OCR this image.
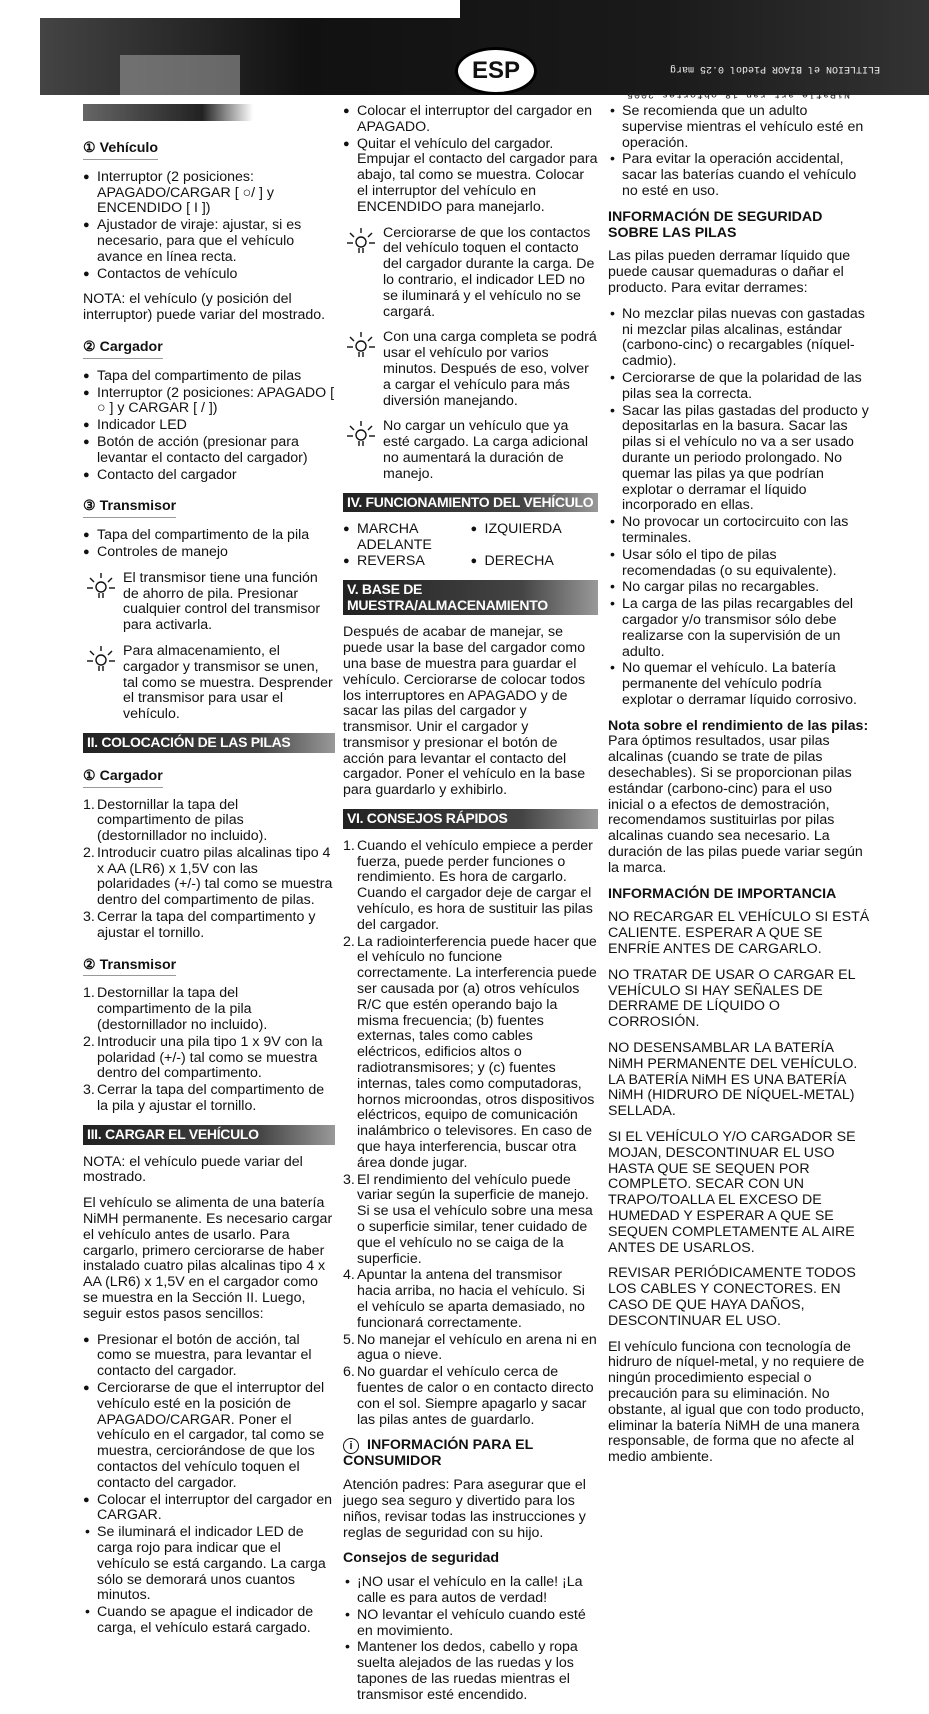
ELITLEION el BIAOR Piedol 0.25 marg
NiRafle art ran 18 obfortes 2005
ESP
① Vehículo
● Interruptor (2 posiciones: APAGADO/CARGAR [ ○/ ] y ENCENDIDO [ I ])
● Ajustador de viraje: ajustar, si es necesario, para que el vehículo avance en línea recta.
● Contactos de vehículo

NOTA: el vehículo (y posición del interruptor) puede variar del mostrado.

② Cargador
● Tapa del compartimento de pilas
● Interruptor (2 posiciones: APAGADO [ ○ ] y CARGAR [ / ])
● Indicador LED
● Botón de acción (presionar para levantar el contacto del cargador)
● Contacto del cargador
③ Transmisor
● Tapa del compartimento de la pila
● Controles de manejo
El transmisor tiene una función de ahorro de pila. Presionar cualquier control del transmisor para activarla.
Para almacenamiento, el cargador y transmisor se unen, tal como se muestra. Desprender el transmisor para usar el vehículo.
II. COLOCACIÓN DE LAS PILAS
① Cargador
1. Destornillar la tapa del compartimento de pilas (destornillador no incluido).
2. Introducir cuatro pilas alcalinas tipo 4 x AA (LR6) x 1,5V con las polaridades (+/-) tal como se muestra dentro del compartimento de pilas.
3. Cerrar la tapa del compartimento y ajustar el tornillo.
② Transmisor
1. Destornillar la tapa del compartimento de la pila (destornillador no incluido).
2. Introducir una pila tipo 1 x 9V con la polaridad (+/-) tal como se muestra dentro del compartimento.
3. Cerrar la tapa del compartimento de la pila y ajustar el tornillo.
III. CARGAR EL VEHÍCULO

NOTA: el vehículo puede variar del mostrado.

El vehículo se alimenta de una batería NiMH permanente. Es necesario cargar el vehículo antes de usarlo. Para cargarlo, primero cerciorarse de haber instalado cuatro pilas alcalinas tipo 4 x AA (LR6) x 1,5V en el cargador como se muestra en la Sección II. Luego, seguir estos pasos sencillos:

● Presionar el botón de acción, tal como se muestra, para levantar el contacto del cargador.
● Cerciorarse de que el interruptor del vehículo esté en la posición de APAGADO/CARGAR. Poner el vehículo en el cargador, tal como se muestra, cerciorándose de que los contactos del vehículo toquen el contacto del cargador.
● Colocar el interruptor del cargador en CARGAR.
• Se iluminará el indicador LED de carga rojo para indicar que el vehículo se está cargando. La carga sólo se demorará unos cuantos minutos.
• Cuando se apague el indicador de carga, el vehículo estará cargado.
● Colocar el interruptor del cargador en APAGADO.
● Quitar el vehículo del cargador. Empujar el contacto del cargador para abajo, tal como se muestra. Colocar el interruptor del vehículo en ENCENDIDO para manejarlo.
Cerciorarse de que los contactos del vehículo toquen el contacto del cargador durante la carga. De lo contrario, el indicador LED no se iluminará y el vehículo no se cargará.
Con una carga completa se podrá usar el vehículo por varios minutos. Después de eso, volver a cargar el vehículo para más diversión manejando.
No cargar un vehículo que ya esté cargado. La carga adicional no aumentará la duración de manejo.
IV. FUNCIONAMIENTO DEL VEHÍCULO
● MARCHA ADELANTE
● IZQUIERDA
● REVERSA
●	DERECHA
V. BASE DE MUESTRA/ALMACENAMIENTO

Después de acabar de manejar, se puede usar la base del cargador como una base de muestra para guardar el vehículo. Cerciorarse de colocar todos los interruptores en APAGADO y de sacar las pilas del cargador y transmisor. Unir el cargador y transmisor y presionar el botón de acción para levantar el contacto del cargador. Poner el vehículo en la base para guardarlo y exhibirlo.

VI. CONSEJOS RÁPIDOS
1. Cuando el vehículo empiece a perder fuerza, puede perder funciones o rendimiento. Es hora de cargarlo. Cuando el cargador deje de cargar el vehículo, es hora de sustituir las pilas del cargador.
2. La radiointerferencia puede hacer que el vehículo no funcione correctamente. La interferencia puede ser causada por (a) otros vehículos R/C que estén operando bajo la misma frecuencia; (b) fuentes externas, tales como cables eléctricos, edificios altos o radiotransmisores; y (c) fuentes internas, tales como computadoras, hornos microondas, otros dispositivos eléctricos, equipo de comunicación inalámbrico o televisores. En caso de que haya interferencia, buscar otra área donde jugar.
3. El rendimiento del vehículo puede variar según la superficie de manejo. Si se usa el vehículo sobre una mesa o superficie similar, tener cuidado de que el vehículo no se caiga de la superficie.
4. Apuntar la antena del transmisor hacia arriba, no hacia el vehículo. Si el vehículo se aparta demasiado, no funcionará correctamente.
5. No manejar el vehículo en arena ni en agua o nieve.
6. No guardar el vehículo cerca de fuentes de calor o en contacto directo con el sol. Siempre apagarlo y sacar las pilas antes de guardarlo.
i INFORMACIÓN PARA EL CONSUMIDOR

Atención padres: Para asegurar que el juego sea seguro y divertido para los niños, revisar todas las instrucciones y reglas de seguridad con su hijo.

Consejos de seguridad
• ¡NO usar el vehículo en la calle! ¡La calle es para autos de verdad!
• NO levantar el vehículo cuando esté en movimiento.
• Mantener los dedos, cabello y ropa suelta alejados de las ruedas y los tapones de las ruedas mientras el transmisor esté encendido.
• Se recomienda que un adulto supervise mientras el vehículo esté en operación.
• Para evitar la operación accidental, sacar las baterías cuando el vehículo no esté en uso.
INFORMACIÓN DE SEGURIDAD SOBRE LAS PILAS

Las pilas pueden derramar líquido que puede causar quemaduras o dañar el producto. Para evitar derrames:

• No mezclar pilas nuevas con gastadas ni mezclar pilas alcalinas, estándar (carbono-cinc) o recargables (níquel-cadmio).
• Cerciorarse de que la polaridad de las pilas sea la correcta.
• Sacar las pilas gastadas del producto y depositarlas en la basura. Sacar las pilas si el vehículo no va a ser usado durante un periodo prolongado. No quemar las pilas ya que podrían explotar o derramar el líquido incorporado en ellas.
• No provocar un cortocircuito con las terminales.
• Usar sólo el tipo de pilas recomendadas (o su equivalente).
• No cargar pilas no recargables.
• La carga de las pilas recargables del cargador y/o transmisor sólo debe realizarse con la supervisión de un adulto.
• No quemar el vehículo. La batería permanente del vehículo podría explotar o derramar líquido corrosivo.
Nota sobre el rendimiento de las pilas:

Para óptimos resultados, usar pilas alcalinas (cuando se trate de pilas desechables). Si se proporcionan pilas estándar (carbono-cinc) para el uso inicial o a efectos de demostración, recomendamos sustituirlas por pilas alcalinas cuando sea necesario. La duración de las pilas puede variar según la marca.

INFORMACIÓN DE IMPORTANCIA

NO RECARGAR EL VEHÍCULO SI ESTÁ CALIENTE. ESPERAR A QUE SE ENFRÍE ANTES DE CARGARLO.

NO TRATAR DE USAR O CARGAR EL VEHÍCULO SI HAY SEÑALES DE DERRAME DE LÍQUIDO O CORROSIÓN.

NO DESENSAMBLAR LA BATERÍA NiMH PERMANENTE DEL VEHÍCULO. LA BATERÍA NiMH ES UNA BATERÍA NiMH (HIDRURO DE NÍQUEL-METAL) SELLADA.

SI EL VEHÍCULO Y/O CARGADOR SE MOJAN, DESCONTINUAR EL USO HASTA QUE SE SEQUEN POR COMPLETO. SECAR CON UN TRAPO/TOALLA EL EXCESO DE HUMEDAD Y ESPERAR A QUE SE SEQUEN COMPLETAMENTE AL AIRE ANTES DE USARLOS.

REVISAR PERIÓDICAMENTE TODOS LOS CABLES Y CONECTORES. EN CASO DE QUE HAYA DAÑOS, DESCONTINUAR EL USO.

El vehículo funciona con tecnología de hidruro de níquel-metal, y no requiere de ningún procedimiento especial o precaución para su eliminación. No obstante, al igual que con todo producto, eliminar la batería NiMH de una manera responsable, de forma que no afecte al medio ambiente.
